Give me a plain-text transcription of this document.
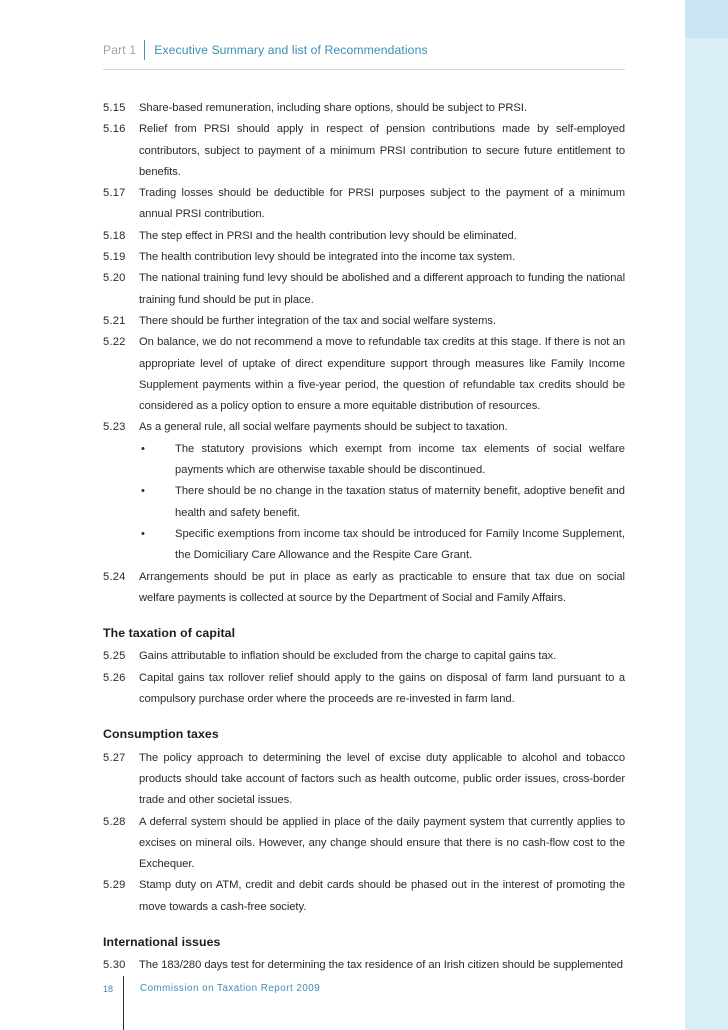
Part 1 Executive Summary and list of Recommendations
5.15	Share-based remuneration, including share options, should be subject to PRSI.
5.16	Relief from PRSI should apply in respect of pension contributions made by self-employed contributors, subject to payment of a minimum PRSI contribution to secure future entitlement to benefits.
5.17	Trading losses should be deductible for PRSI purposes subject to the payment of a minimum annual PRSI contribution.
5.18	The step effect in PRSI and the health contribution levy should be eliminated.
5.19	The health contribution levy should be integrated into the income tax system.
5.20	The national training fund levy should be abolished and a different approach to funding the national training fund should be put in place.
5.21	There should be further integration of the tax and social welfare systems.
5.22	On balance, we do not recommend a move to refundable tax credits at this stage. If there is not an appropriate level of uptake of direct expenditure support through measures like Family Income Supplement payments within a five-year period, the question of refundable tax credits should be considered as a policy option to ensure a more equitable distribution of resources.
5.23	As a general rule, all social welfare payments should be subject to taxation.
•	The statutory provisions which exempt from income tax elements of social welfare payments which are otherwise taxable should be discontinued.
•	There should be no change in the taxation status of maternity benefit, adoptive benefit and health and safety benefit.
•	Specific exemptions from income tax should be introduced for Family Income Supplement, the Domiciliary Care Allowance and the Respite Care Grant.
5.24	Arrangements should be put in place as early as practicable to ensure that tax due on social welfare payments is collected at source by the Department of Social and Family Affairs.
The taxation of capital
5.25	Gains attributable to inflation should be excluded from the charge to capital gains tax.
5.26	Capital gains tax rollover relief should apply to the gains on disposal of farm land pursuant to a compulsory purchase order where the proceeds are re-invested in farm land.
Consumption taxes
5.27	The policy approach to determining the level of excise duty applicable to alcohol and tobacco products should take account of factors such as health outcome, public order issues, cross-border trade and other societal issues.
5.28	A deferral system should be applied in place of the daily payment system that currently applies to excises on mineral oils. However, any change should ensure that there is no cash-flow cost to the Exchequer.
5.29	Stamp duty on ATM, credit and debit cards should be phased out in the interest of promoting the move towards a cash-free society.
International issues
5.30	The 183/280 days test for determining the tax residence of an Irish citizen should be supplemented
18	Commission on Taxation Report 2009
